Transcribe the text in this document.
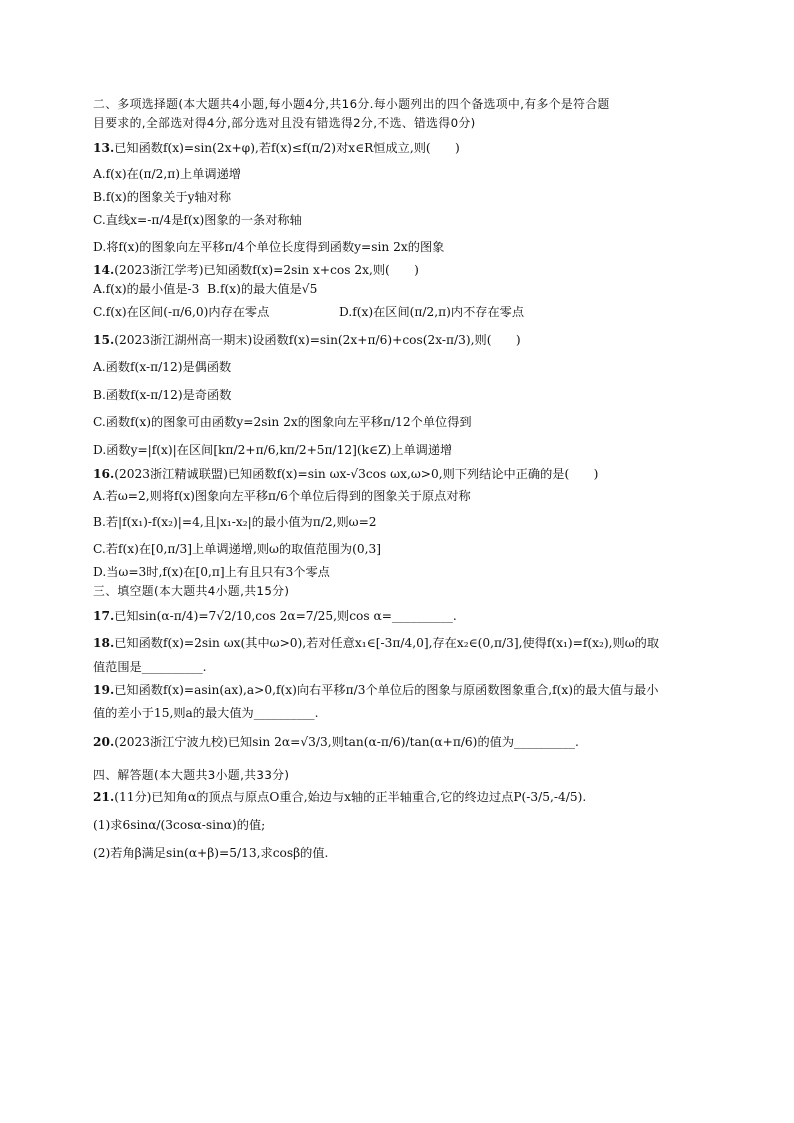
二、多项选择题(本大题共4小题,每小题4分,共16分.每小题列出的四个备选项中,有多个是符合题
目要求的,全部选对得4分,部分选对且没有错选得2分,不选、错选得0分)
13.已知函数f(x)=sin(2x+φ),若f(x)≤f(π/2)对x∈R恒成立,则(　　)
A.f(x)在(π/2,π)上单调递增
B.f(x)的图象关于y轴对称
C.直线x=-π/4是f(x)图象的一条对称轴
D.将f(x)的图象向左平移π/4个单位长度得到函数y=sin 2x的图象
14.(2023浙江学考)已知函数f(x)=2sin x+cos 2x,则(　　)
A.f(x)的最小值是-3 B.f(x)的最大值是√5
C.f(x)在区间(-π/6,0)内存在零点	D.f(x)在区间(π/2,π)内不存在零点
15.(2023浙江湖州高一期末)设函数f(x)=sin(2x+π/6)+cos(2x-π/3),则(　　)
A.函数f(x-π/12)是偶函数
B.函数f(x-π/12)是奇函数
C.函数f(x)的图象可由函数y=2sin 2x的图象向左平移π/12个单位得到
D.函数y=|f(x)|在区间[kπ/2+π/6,kπ/2+5π/12](k∈Z)上单调递增
16.(2023浙江精诚联盟)已知函数f(x)=sin ωx-√3cos ωx,ω>0,则下列结论中正确的是(　　)
A.若ω=2,则将f(x)图象向左平移π/6个单位后得到的图象关于原点对称
B.若|f(x₁)-f(x₂)|=4,且|x₁-x₂|的最小值为π/2,则ω=2
C.若f(x)在[0,π/3]上单调递增,则ω的取值范围为(0,3]
D.当ω=3时,f(x)在[0,π]上有且只有3个零点
三、填空题(本大题共4小题,共15分)
17.已知sin(α-π/4)=7√2/10,cos 2α=7/25,则cos α=__________.
18.已知函数f(x)=2sin ωx(其中ω>0),若对任意x₁∈[-3π/4,0],存在x₂∈(0,π/3],使得f(x₁)=f(x₂),则ω的取
值范围是__________.
19.已知函数f(x)=asin(ax),a>0,f(x)向右平移π/3个单位后的图象与原函数图象重合,f(x)的最大值与最小
值的差小于15,则a的最大值为__________.
20.(2023浙江宁波九校)已知sin 2α=√3/3,则tan(α-π/6)/tan(α+π/6)的值为__________.
四、解答题(本大题共3小题,共33分)
21.(11分)已知角α的顶点与原点O重合,始边与x轴的正半轴重合,它的终边过点P(-3/5,-4/5).
(1)求6sinα/(3cosα-sinα)的值;
(2)若角β满足sin(α+β)=5/13,求cosβ的值.
